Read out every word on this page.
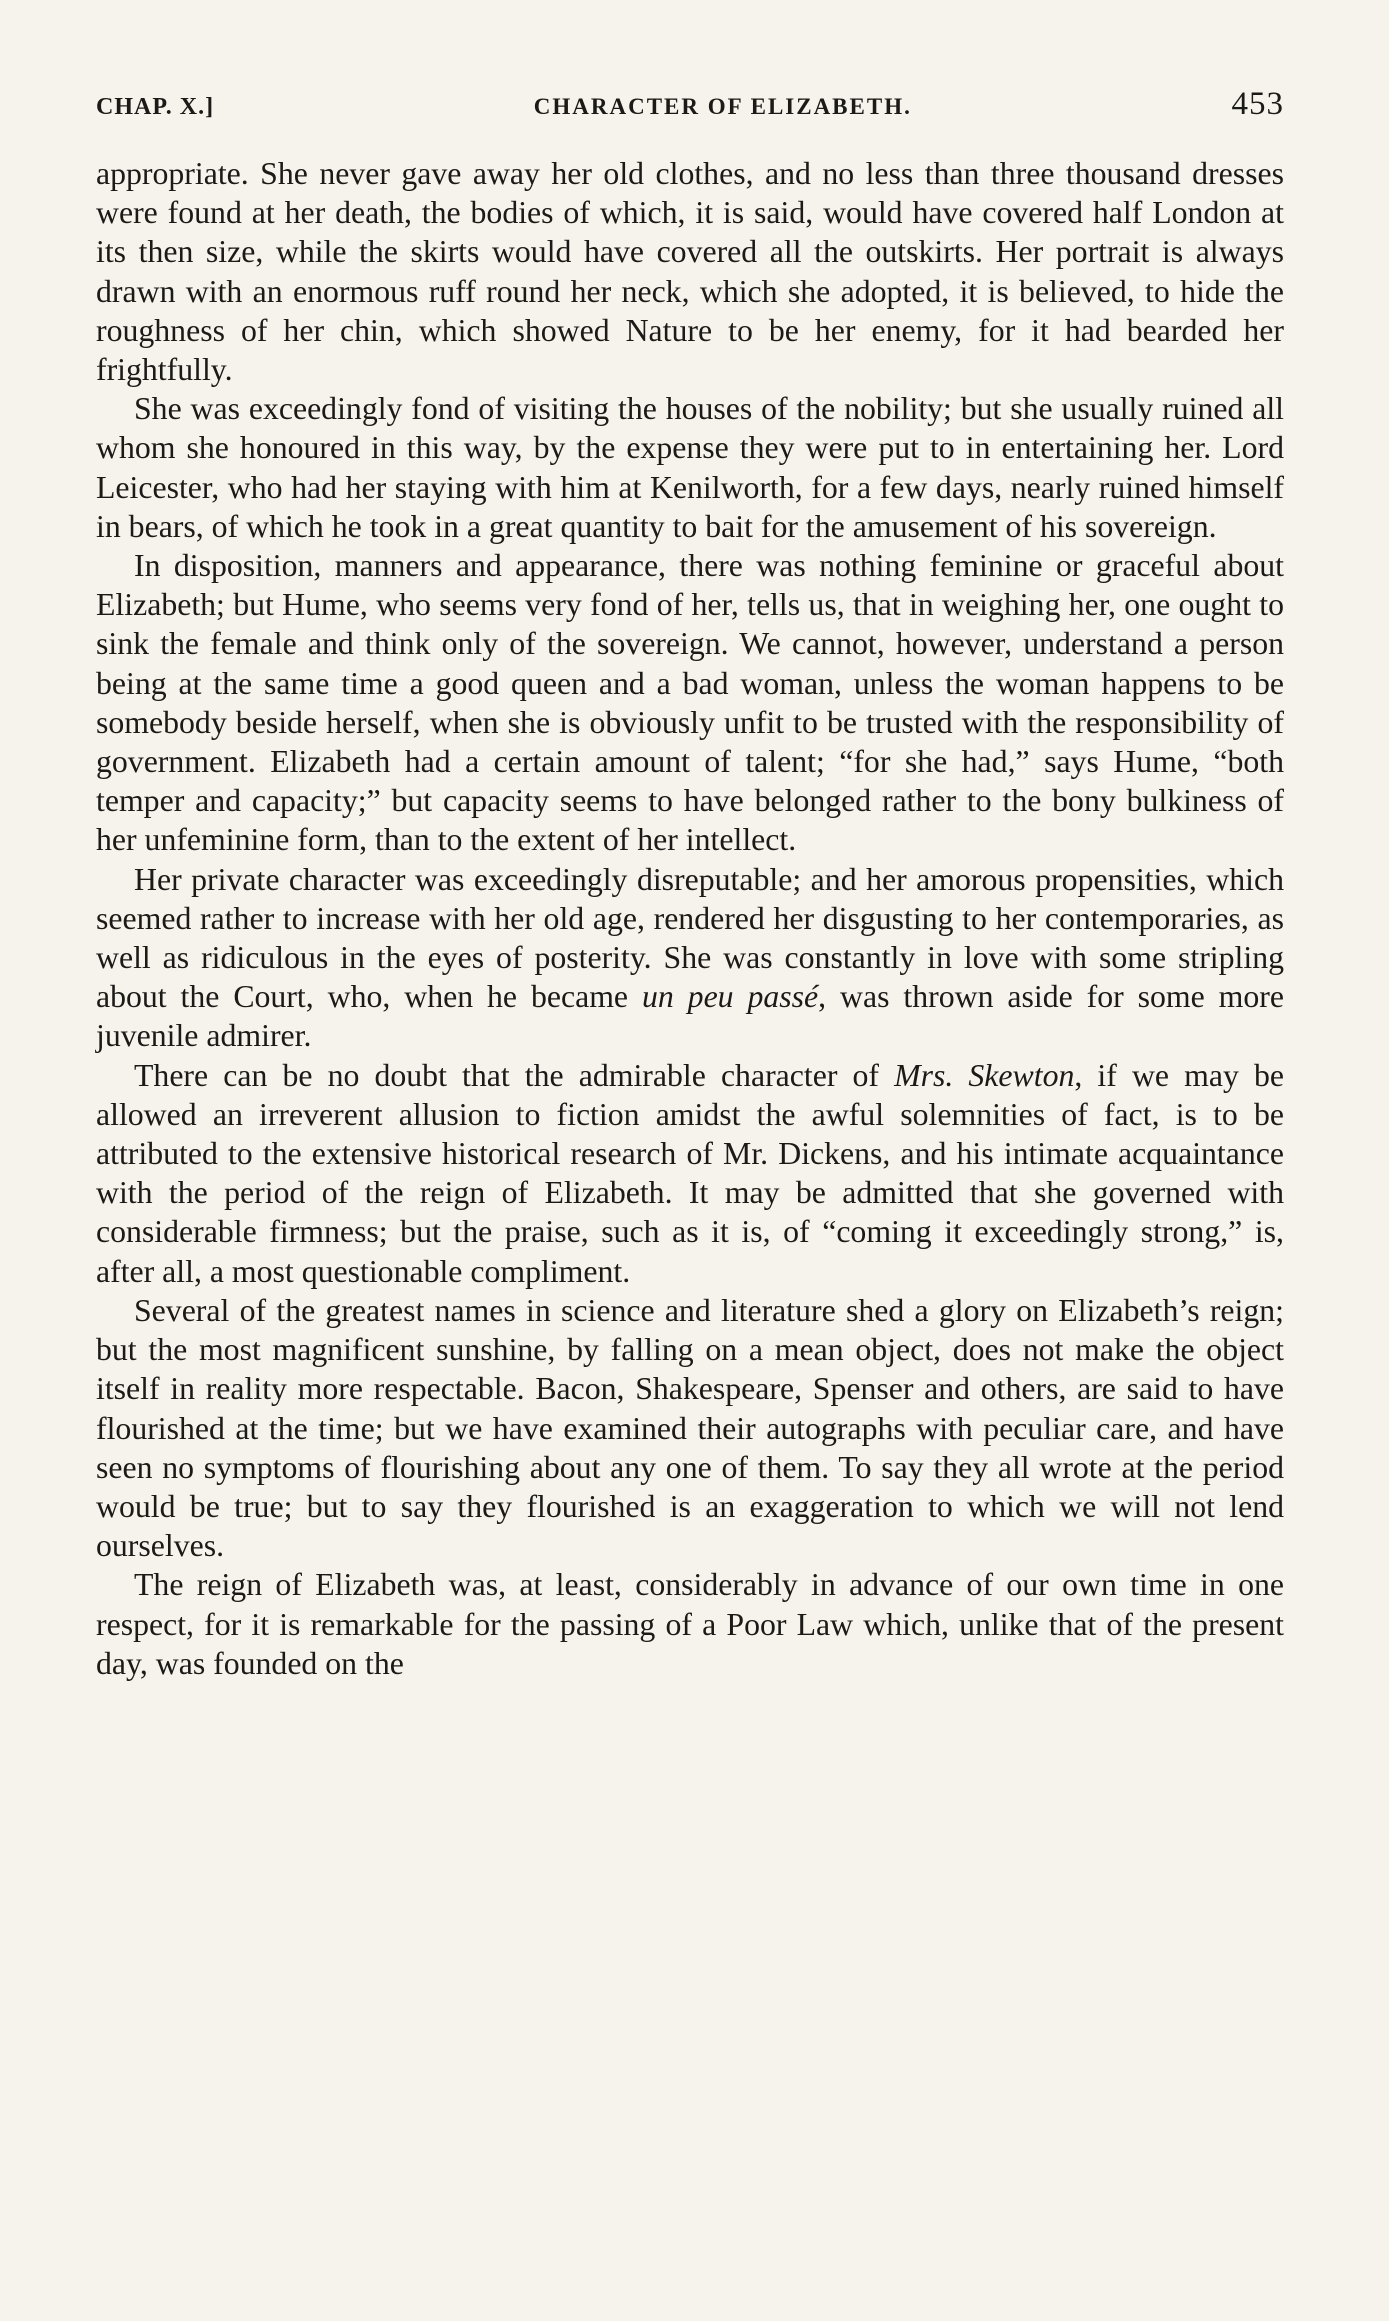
CHAP. X.]	CHARACTER OF ELIZABETH.	453

appropriate. She never gave away her old clothes, and no less than three thousand dresses were found at her death, the bodies of which, it is said, would have covered half London at its then size, while the skirts would have covered all the outskirts. Her portrait is always drawn with an enormous ruff round her neck, which she adopted, it is believed, to hide the roughness of her chin, which showed Nature to be her enemy, for it had bearded her frightfully.

She was exceedingly fond of visiting the houses of the nobility; but she usually ruined all whom she honoured in this way, by the expense they were put to in entertaining her. Lord Leicester, who had her staying with him at Kenilworth, for a few days, nearly ruined himself in bears, of which he took in a great quantity to bait for the amusement of his sovereign.

In disposition, manners and appearance, there was nothing feminine or graceful about Elizabeth; but Hume, who seems very fond of her, tells us, that in weighing her, one ought to sink the female and think only of the sovereign. We cannot, however, understand a person being at the same time a good queen and a bad woman, unless the woman happens to be somebody beside herself, when she is obviously unfit to be trusted with the responsibility of government. Elizabeth had a certain amount of talent; “for she had,” says Hume, “both temper and capacity;” but capacity seems to have belonged rather to the bony bulkiness of her unfeminine form, than to the extent of her intellect.

Her private character was exceedingly disreputable; and her amorous propensities, which seemed rather to increase with her old age, rendered her disgusting to her contemporaries, as well as ridiculous in the eyes of posterity. She was constantly in love with some stripling about the Court, who, when he became un peu passé, was thrown aside for some more juvenile admirer.

There can be no doubt that the admirable character of Mrs. Skewton, if we may be allowed an irreverent allusion to fiction amidst the awful solemnities of fact, is to be attributed to the extensive historical research of Mr. Dickens, and his intimate acquaintance with the period of the reign of Elizabeth. It may be admitted that she governed with considerable firmness; but the praise, such as it is, of “coming it exceedingly strong,” is, after all, a most questionable compliment.

Several of the greatest names in science and literature shed a glory on Elizabeth’s reign; but the most magnificent sunshine, by falling on a mean object, does not make the object itself in reality more respectable. Bacon, Shakespeare, Spenser and others, are said to have flourished at the time; but we have examined their autographs with peculiar care, and have seen no symptoms of flourishing about any one of them. To say they all wrote at the period would be true; but to say they flourished is an exaggeration to which we will not lend ourselves.

The reign of Elizabeth was, at least, considerably in advance of our own time in one respect, for it is remarkable for the passing of a Poor Law which, unlike that of the present day, was founded on the
